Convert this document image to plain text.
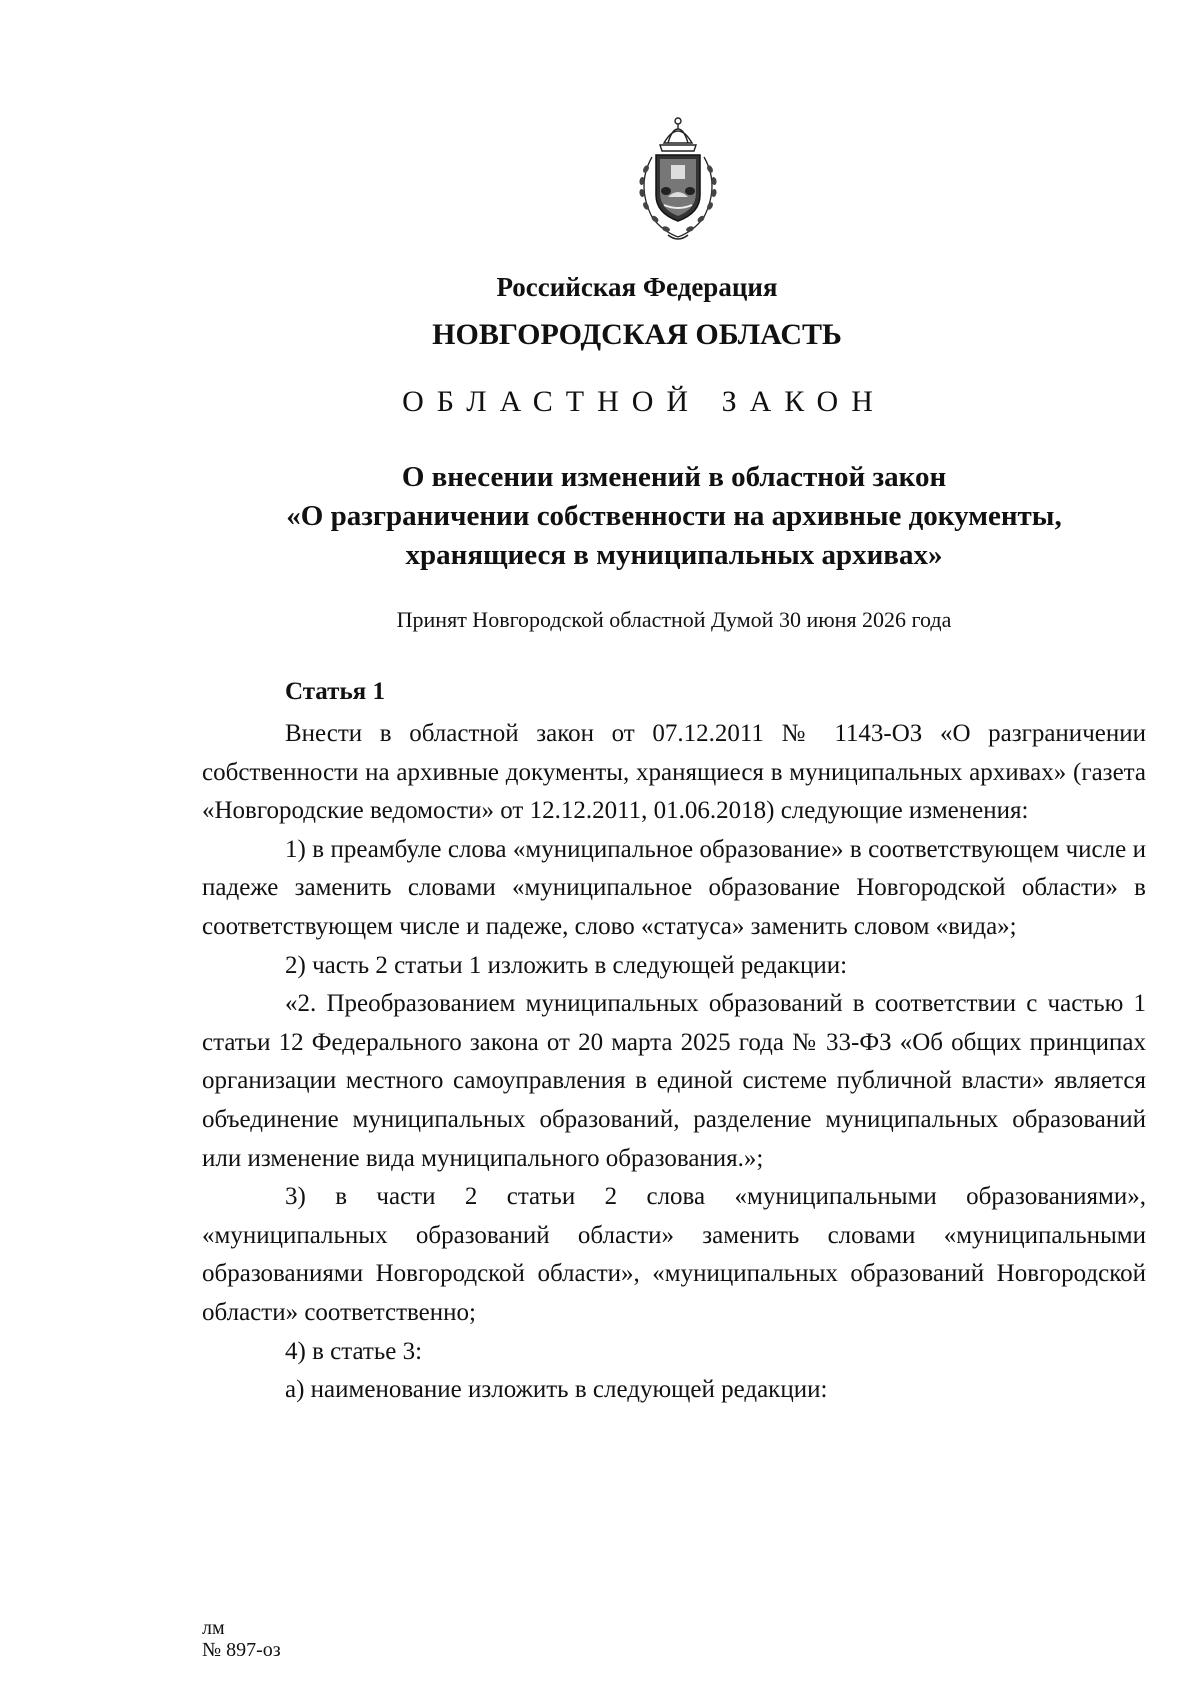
Российская Федерация
НОВГОРОДСКАЯ ОБЛАСТЬ
ОБЛАСТНОЙ ЗАКОН
О внесении изменений в областной закон
«О разграничении собственности на архивные документы,
хранящиеся в муниципальных архивах»
Принят Новгородской областной Думой 30 июня 2026 года
Статья 1

Внести в областной закон от 07.12.2011 № 1143-ОЗ «О разграничении собственности на архивные документы, хранящиеся в муниципальных архивах» (газета «Новгородские ведомости» от 12.12.2011, 01.06.2018) следующие изменения:

1) в преамбуле слова «муниципальное образование» в соответствующем числе и падеже заменить словами «муниципальное образование Новгородской области» в соответствующем числе и падеже, слово «статуса» заменить словом «вида»;

2) часть 2 статьи 1 изложить в следующей редакции:

«2. Преобразованием муниципальных образований в соответствии с частью 1 статьи 12 Федерального закона от 20 марта 2025 года № 33-ФЗ «Об общих принципах организации местного самоуправления в единой системе публичной власти» является объединение муниципальных образований, разделение муниципальных образований или изменение вида муниципального образования.»;

3) в части 2 статьи 2 слова «муниципальными образованиями», «муниципальных образований области» заменить словами «муниципальными образованиями Новгородской области», «муниципальных образований Новгородской области» соответственно;

4) в статье 3:

а) наименование изложить в следующей редакции:

лм
№ 897-оз
